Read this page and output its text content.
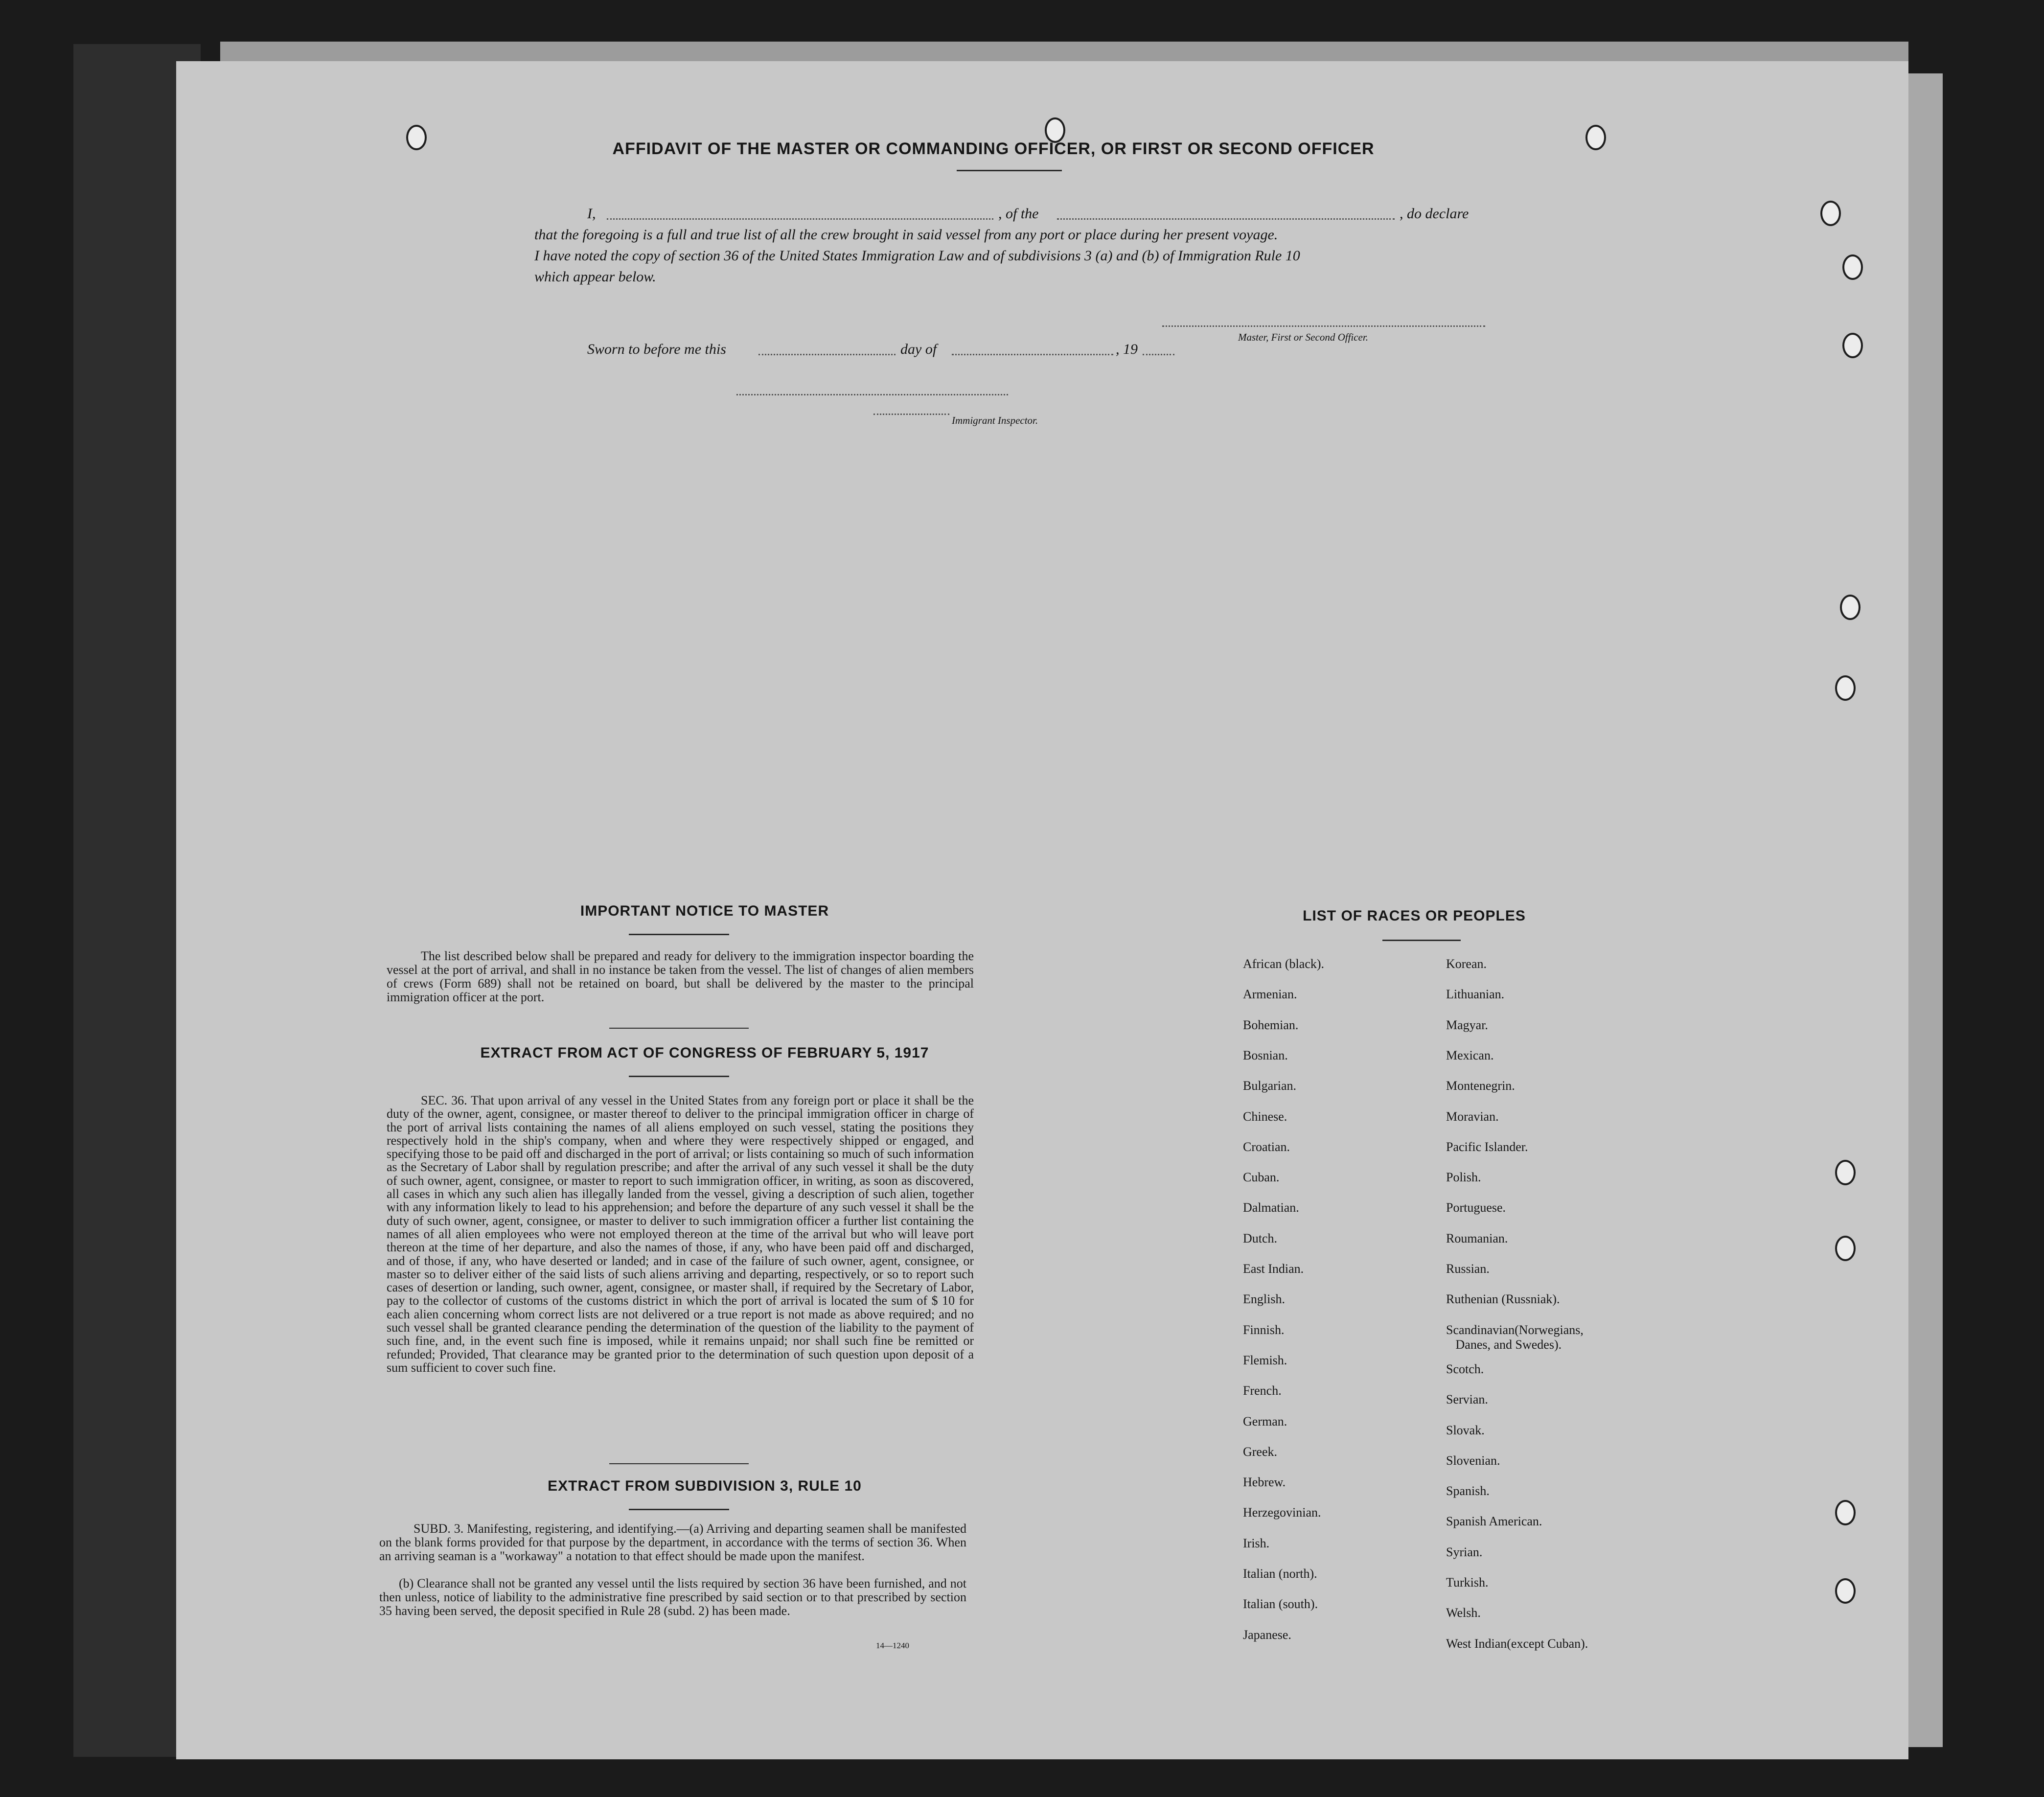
AFFIDAVIT OF THE MASTER OR COMMANDING OFFICER, OR FIRST OR SECOND OFFICER
I,	, of the	, do declare
that the foregoing is a full and true list of all the crew brought in said vessel from any port or place during her present voyage.
I have noted the copy of section 36 of the United States Immigration Law and of subdivisions 3 (a) and (b) of Immigration Rule 10
which appear below.
Master, First or Second Officer.
Sworn to before me this	day of	, 19
Immigrant Inspector.
IMPORTANT NOTICE TO MASTER
The list described below shall be prepared and ready for delivery to the immigration inspector boarding the vessel at the port of arrival, and shall in no instance be taken from the vessel. The list of changes of alien members of crews (Form 689) shall not be retained on board, but shall be delivered by the master to the principal immigration officer at the port.
EXTRACT FROM ACT OF CONGRESS OF FEBRUARY 5, 1917
SEC. 36. That upon arrival of any vessel in the United States from any foreign port or place it shall be the duty of the owner, agent, consignee, or master thereof to deliver to the principal immigration officer in charge of the port of arrival lists containing the names of all aliens employed on such vessel, stating the positions they respectively hold in the ship's company, when and where they were respectively shipped or engaged, and specifying those to be paid off and discharged in the port of arrival; or lists containing so much of such information as the Secretary of Labor shall by regulation prescribe; and after the arrival of any such vessel it shall be the duty of such owner, agent, consignee, or master to report to such immigration officer, in writing, as soon as discovered, all cases in which any such alien has illegally landed from the vessel, giving a description of such alien, together with any information likely to lead to his apprehension; and before the departure of any such vessel it shall be the duty of such owner, agent, consignee, or master to deliver to such immigration officer a further list containing the names of all alien employees who were not employed thereon at the time of the arrival but who will leave port thereon at the time of her departure, and also the names of those, if any, who have been paid off and discharged, and of those, if any, who have deserted or landed; and in case of the failure of such owner, agent, consignee, or master so to deliver either of the said lists of such aliens arriving and departing, respectively, or so to report such cases of desertion or landing, such owner, agent, consignee, or master shall, if required by the Secretary of Labor, pay to the collector of customs of the customs district in which the port of arrival is located the sum of $ 10 for each alien concerning whom correct lists are not delivered or a true report is not made as above required; and no such vessel shall be granted clearance pending the determination of the question of the liability to the payment of such fine, and, in the event such fine is imposed, while it remains unpaid; nor shall such fine be remitted or refunded; Provided, That clearance may be granted prior to the determination of such question upon deposit of a sum sufficient to cover such fine.
EXTRACT FROM SUBDIVISION 3, RULE 10
SUBD. 3. Manifesting, registering, and identifying.—(a) Arriving and departing seamen shall be manifested on the blank forms provided for that purpose by the department, in accordance with the terms of section 36. When an arriving seaman is a "workaway" a notation to that effect should be made upon the manifest.
(b) Clearance shall not be granted any vessel until the lists required by section 36 have been furnished, and not then unless, notice of liability to the administrative fine prescribed by said section or to that prescribed by section 35 having been served, the deposit specified in Rule 28 (subd. 2) has been made.
14—1240
LIST OF RACES OR PEOPLES
African (black).
Armenian.
Bohemian.
Bosnian.
Bulgarian.
Chinese.
Croatian.
Cuban.
Dalmatian.
Dutch.
East Indian.
English.
Finnish.
Flemish.
French.
German.
Greek.
Hebrew.
Herzegovinian.
Irish.
Italian (north).
Italian (south).
Japanese.
Korean.
Lithuanian.
Magyar.
Mexican.
Montenegrin.
Moravian.
Pacific Islander.
Polish.
Portuguese.
Roumanian.
Russian.
Ruthenian (Russniak).
Scandinavian(Norwegians,
Danes, and Swedes).
Scotch.
Servian.
Slovak.
Slovenian.
Spanish.
Spanish American.
Syrian.
Turkish.
Welsh.
West Indian(except Cuban).
